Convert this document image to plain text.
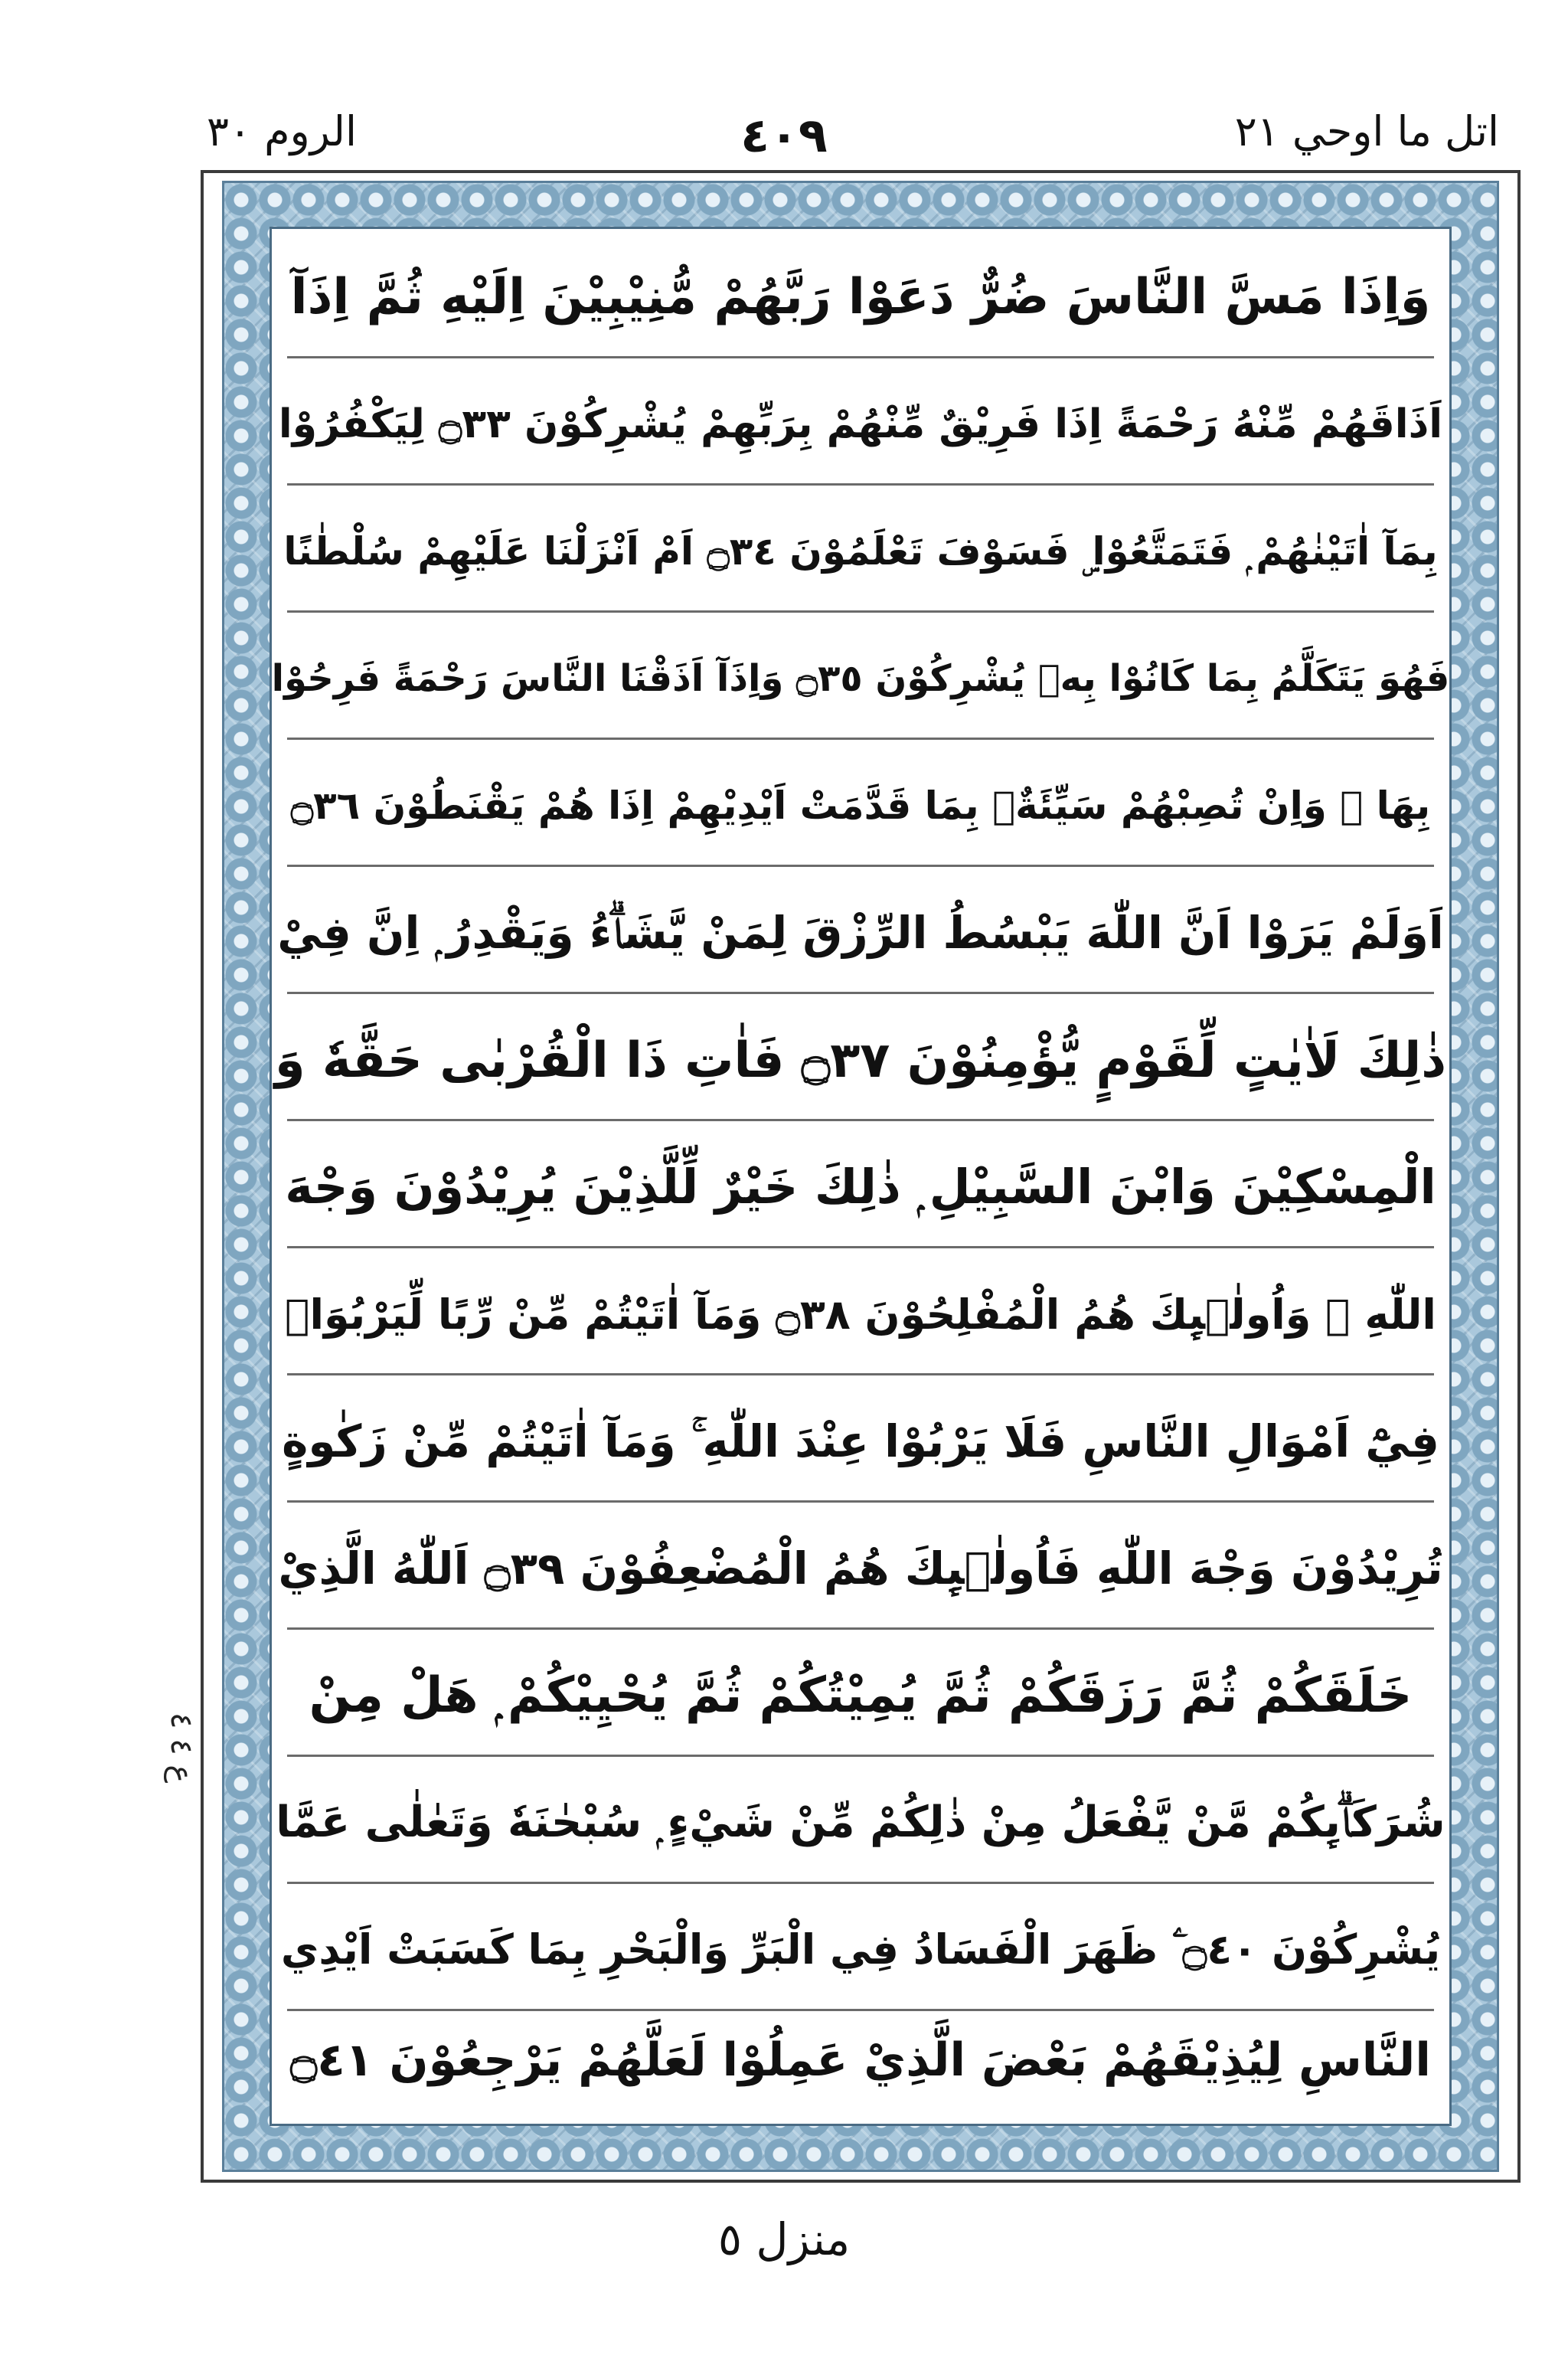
اتل ما اوحي ٢١
٤٠٩
الروم ٣٠
وَاِذَا مَسَّ النَّاسَ ضُرٌّ دَعَوْا رَبَّهُمْ مُّنِيْبِيْنَ اِلَيْهِ ثُمَّ اِذَآ
اَذَاقَهُمْ مِّنْهُ رَحْمَةً اِذَا فَرِيْقٌ مِّنْهُمْ بِرَبِّهِمْ يُشْرِكُوْنَ ۝٣٣ لِيَكْفُرُوْا
بِمَآ اٰتَيْنٰهُمْ ۭ فَتَمَتَّعُوْا ۣ فَسَوْفَ تَعْلَمُوْنَ ۝٣٤ اَمْ اَنْزَلْنَا عَلَيْهِمْ سُلْطٰنًا
فَهُوَ يَتَكَلَّمُ بِمَا كَانُوْا بِهٖ يُشْرِكُوْنَ ۝٣٥ وَاِذَآ اَذَقْنَا النَّاسَ رَحْمَةً فَرِحُوْا
بِهَا ۭ وَاِنْ تُصِبْهُمْ سَيِّئَةٌۢ بِمَا قَدَّمَتْ اَيْدِيْهِمْ اِذَا هُمْ يَقْنَطُوْنَ ۝٣٦
اَوَلَمْ يَرَوْا اَنَّ اللّٰهَ يَبْسُطُ الرِّزْقَ لِمَنْ يَّشَاۗءُ وَيَقْدِرُ ۭ اِنَّ فِيْ
ذٰلِكَ لَاٰيٰتٍ لِّقَوْمٍ يُّؤْمِنُوْنَ ۝٣٧ فَاٰتِ ذَا الْقُرْبٰى حَقَّهٗ وَ
الْمِسْكِيْنَ وَابْنَ السَّبِيْلِ ۭ ذٰلِكَ خَيْرٌ لِّلَّذِيْنَ يُرِيْدُوْنَ وَجْهَ
اللّٰهِ ۡ وَاُولٰۗىِٕكَ هُمُ الْمُفْلِحُوْنَ ۝٣٨ وَمَآ اٰتَيْتُمْ مِّنْ رِّبًا لِّيَرْبُوَا۟
فِيْٓ اَمْوَالِ النَّاسِ فَلَا يَرْبُوْا عِنْدَ اللّٰهِ ۚ وَمَآ اٰتَيْتُمْ مِّنْ زَكٰوةٍ
تُرِيْدُوْنَ وَجْهَ اللّٰهِ فَاُولٰۗىِٕكَ هُمُ الْمُضْعِفُوْنَ ۝٣٩ اَللّٰهُ الَّذِيْ
خَلَقَكُمْ ثُمَّ رَزَقَكُمْ ثُمَّ يُمِيْتُكُمْ ثُمَّ يُحْيِيْكُمْ ۭ هَلْ مِنْ
شُرَكَاۗىِٕكُمْ مَّنْ يَّفْعَلُ مِنْ ذٰلِكُمْ مِّنْ شَيْءٍ ۭ سُبْحٰنَهٗ وَتَعٰلٰى عَمَّا
يُشْرِكُوْنَ ۝٤٠ ۧ ظَهَرَ الْفَسَادُ فِي الْبَرِّ وَالْبَحْرِ بِمَا كَسَبَتْ اَيْدِي
النَّاسِ لِيُذِيْقَهُمْ بَعْضَ الَّذِيْ عَمِلُوْا لَعَلَّهُمْ يَرْجِعُوْنَ ۝٤١
ع ٤ ٤
منزل ٥
